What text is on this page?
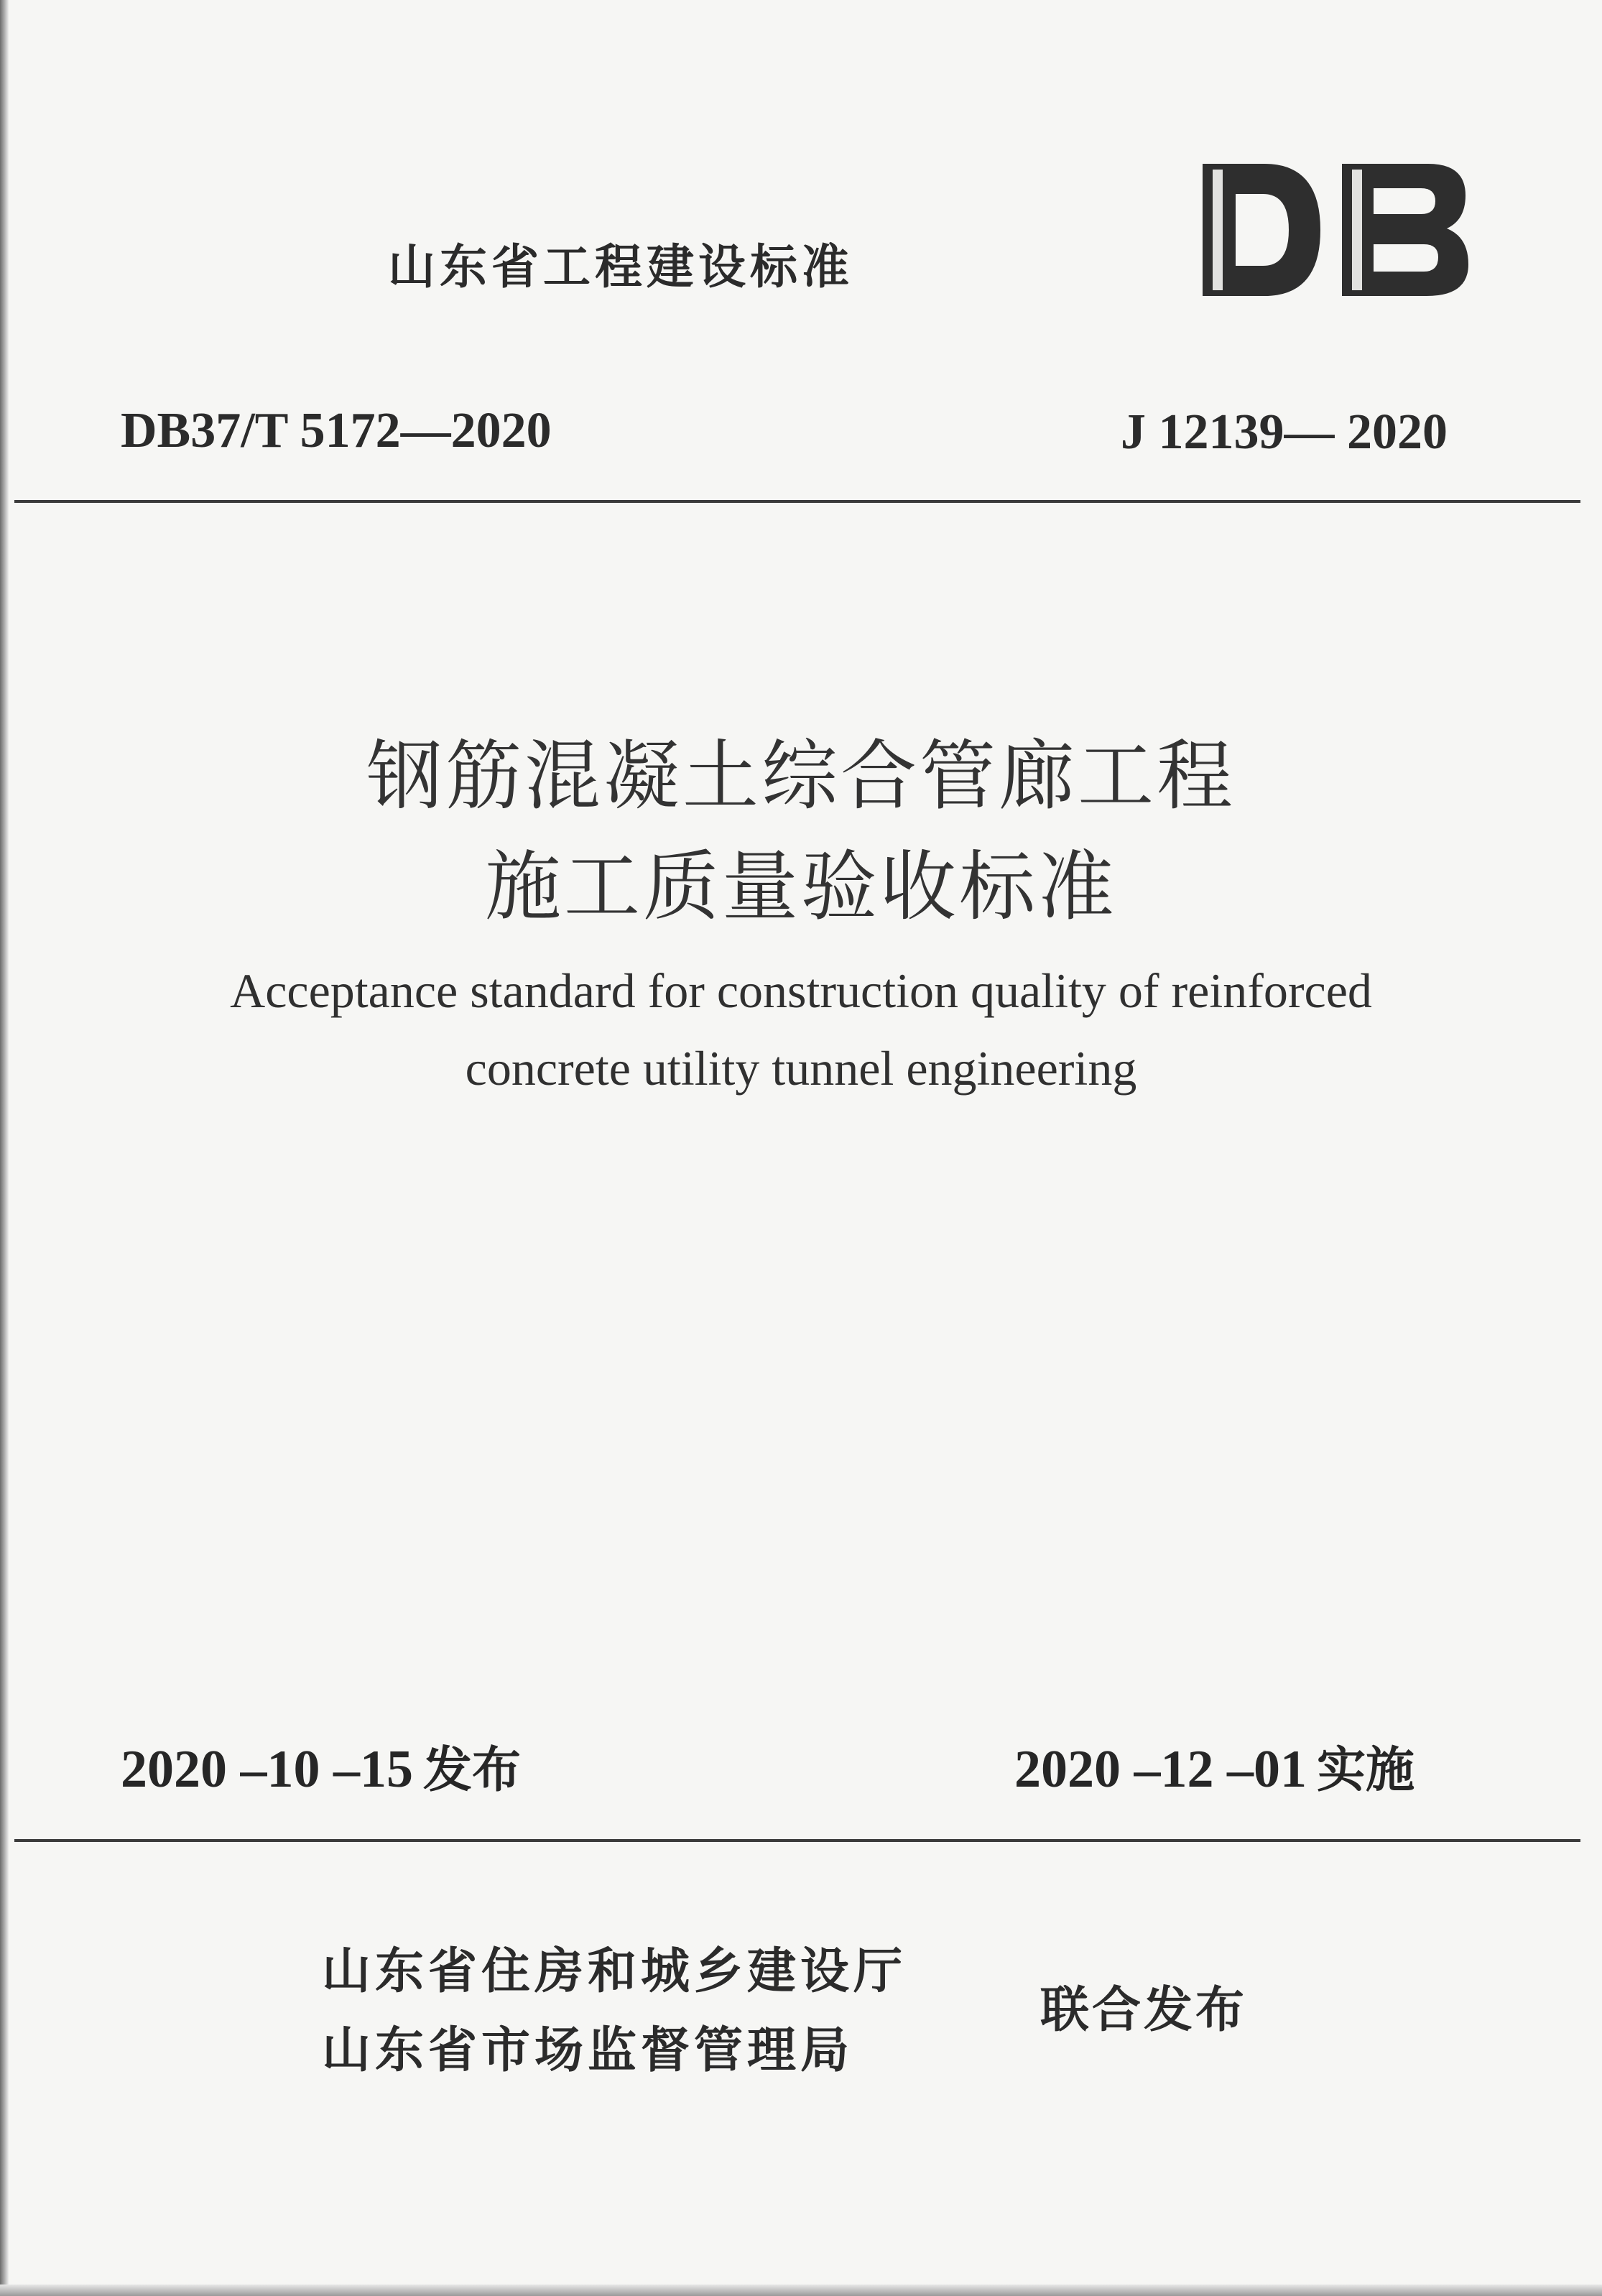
山东省工程建设标准
DB37/T 5172—2020	J 12139— 2020
钢筋混凝土综合管廊工程
施工质量验收标准
Acceptance standard for construction quality of reinforced
concrete utility tunnel engineering
2020 –10 –15 发布	2020 –12 –01 实施
山东省住房和城乡建设厅
山东省市场监督管理局
联合发布
